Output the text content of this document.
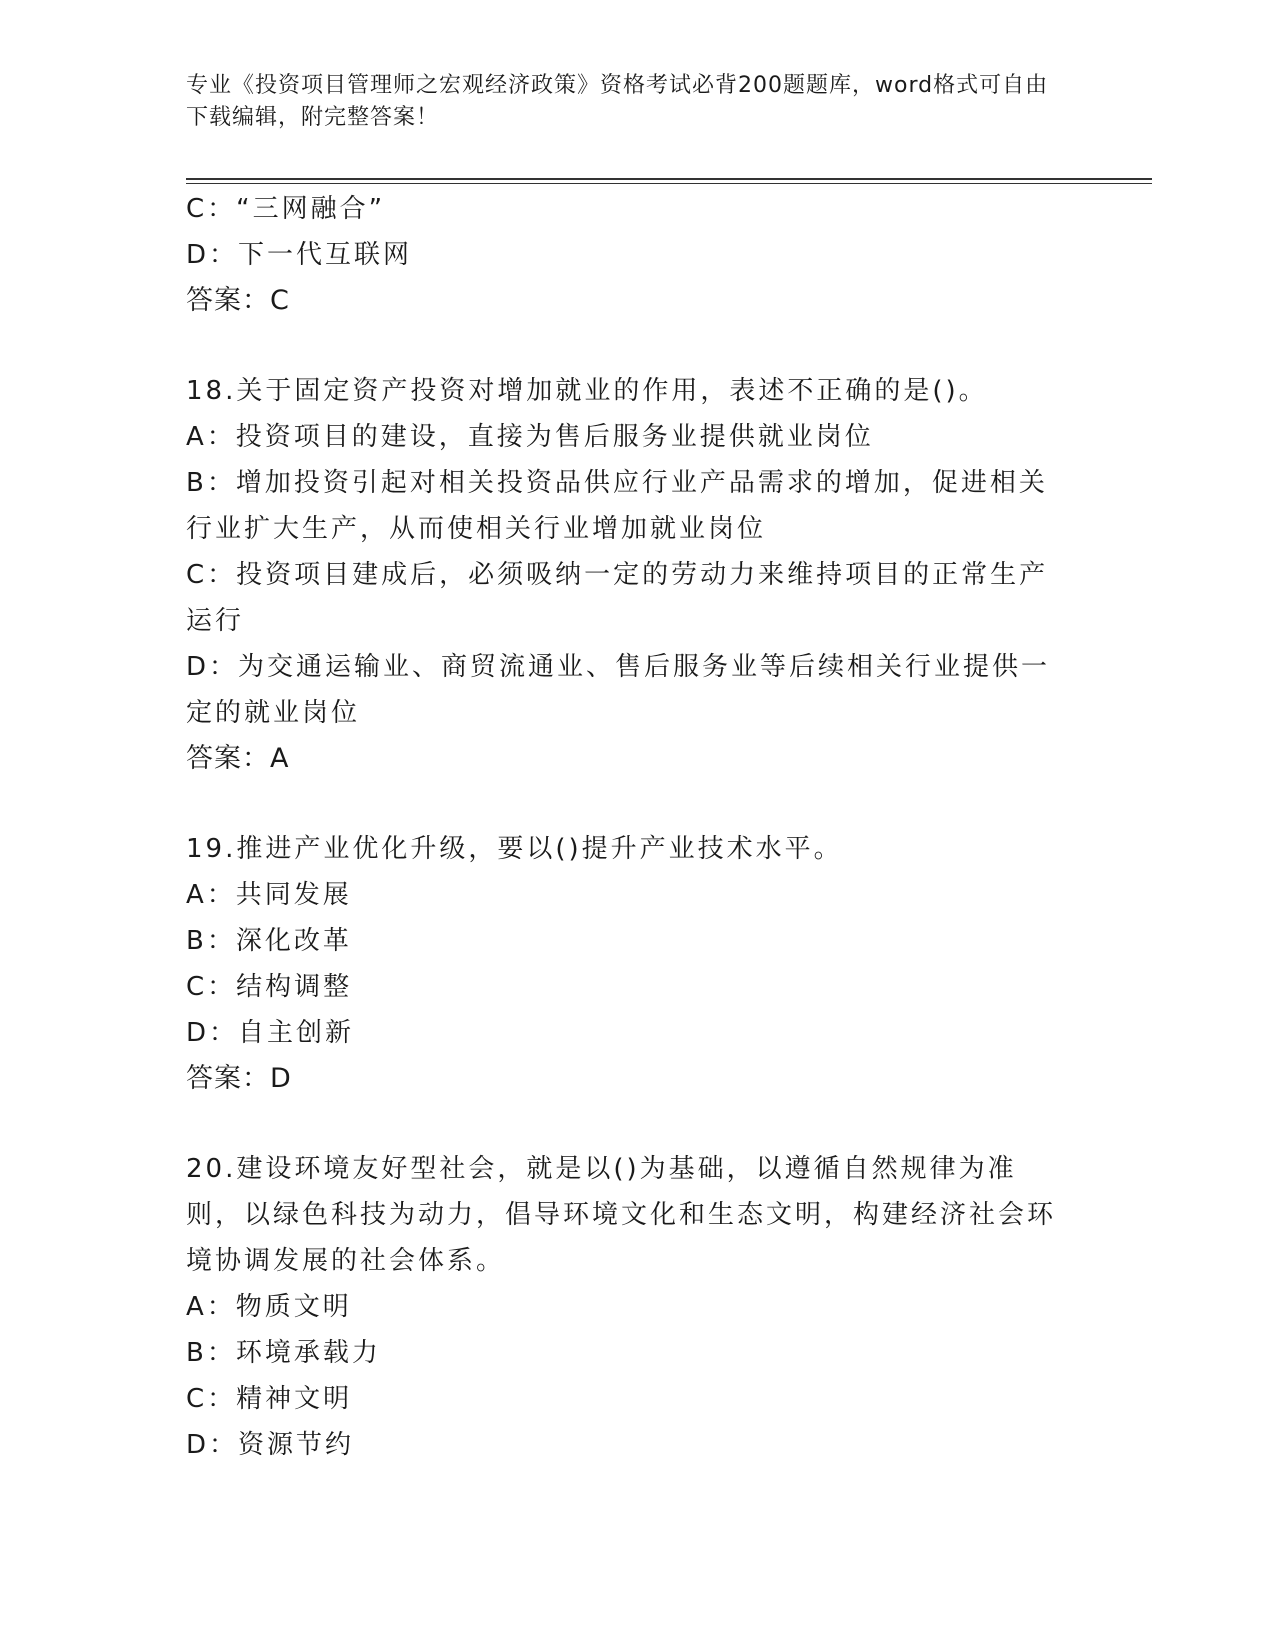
专业《投资项目管理师之宏观经济政策》资格考试必背200题题库，word格式可自由下载编辑，附完整答案！
C：“三网融合”
D：下一代互联网
答案：C
18.关于固定资产投资对增加就业的作用，表述不正确的是()。
A：投资项目的建设，直接为售后服务业提供就业岗位
B：增加投资引起对相关投资品供应行业产品需求的增加，促进相关行业扩大生产，从而使相关行业增加就业岗位
C：投资项目建成后，必须吸纳一定的劳动力来维持项目的正常生产运行
D：为交通运输业、商贸流通业、售后服务业等后续相关行业提供一定的就业岗位
答案：A
19.推进产业优化升级，要以()提升产业技术水平。
A：共同发展
B：深化改革
C：结构调整
D：自主创新
答案：D
20.建设环境友好型社会，就是以()为基础，以遵循自然规律为准则，以绿色科技为动力，倡导环境文化和生态文明，构建经济社会环境协调发展的社会体系。
A：物质文明
B：环境承载力
C：精神文明
D：资源节约
